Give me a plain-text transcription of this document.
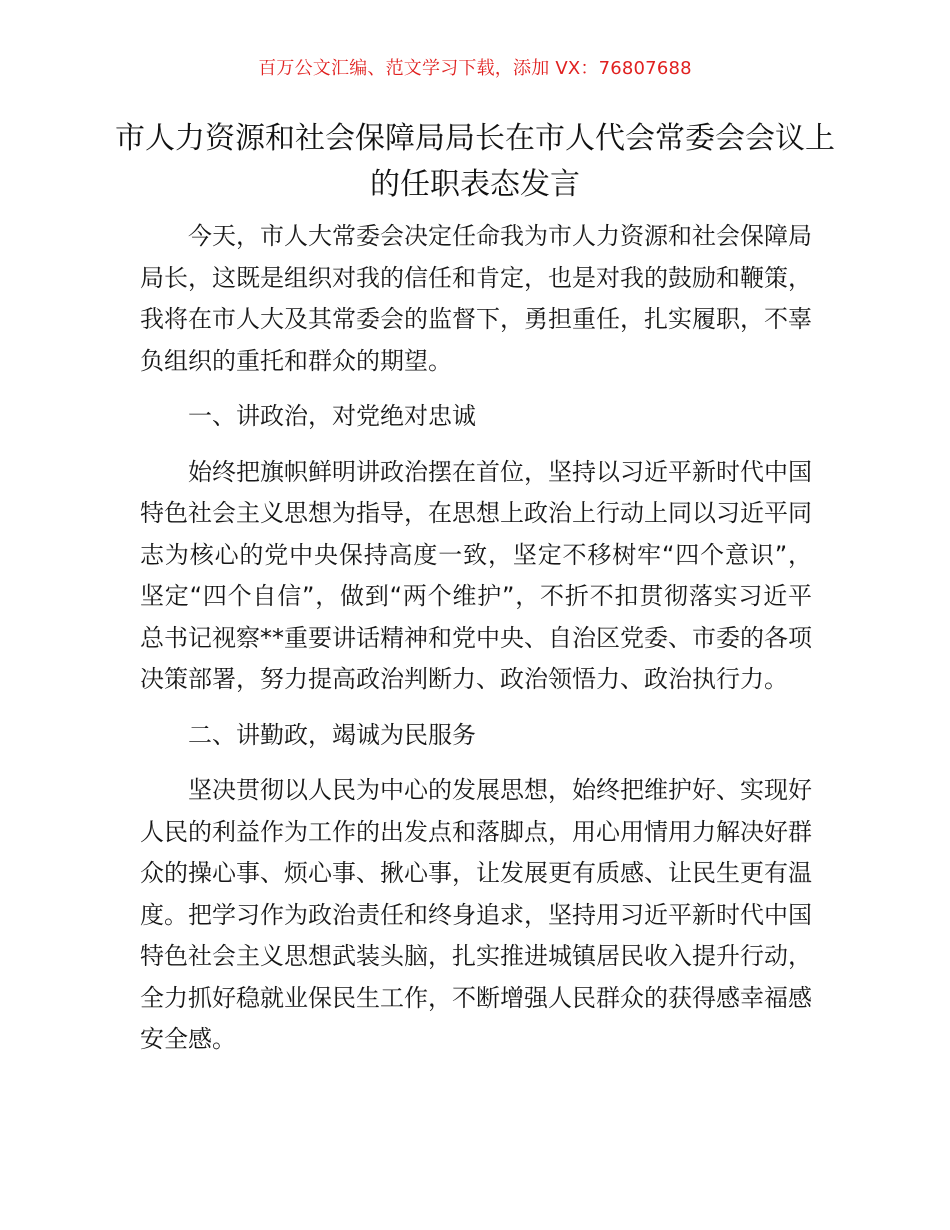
百万公文汇编、范文学习下载，添加 VX：76807688
市人力资源和社会保障局局长在市人代会常委会会议上的任职表态发言

今天，市人大常委会决定任命我为市人力资源和社会保障局局长，这既是组织对我的信任和肯定，也是对我的鼓励和鞭策，我将在市人大及其常委会的监督下，勇担重任，扎实履职，不辜负组织的重托和群众的期望。

一、讲政治，对党绝对忠诚

始终把旗帜鲜明讲政治摆在首位，坚持以习近平新时代中国特色社会主义思想为指导，在思想上政治上行动上同以习近平同志为核心的党中央保持高度一致，坚定不移树牢“四个意识”，坚定“四个自信”，做到“两个维护”，不折不扣贯彻落实习近平总书记视察**重要讲话精神和党中央、自治区党委、市委的各项决策部署，努力提高政治判断力、政治领悟力、政治执行力。

二、讲勤政，竭诚为民服务

坚决贯彻以人民为中心的发展思想，始终把维护好、实现好人民的利益作为工作的出发点和落脚点，用心用情用力解决好群众的操心事、烦心事、揪心事，让发展更有质感、让民生更有温度。把学习作为政治责任和终身追求，坚持用习近平新时代中国特色社会主义思想武装头脑，扎实推进城镇居民收入提升行动，全力抓好稳就业保民生工作，不断增强人民群众的获得感幸福感安全感。
